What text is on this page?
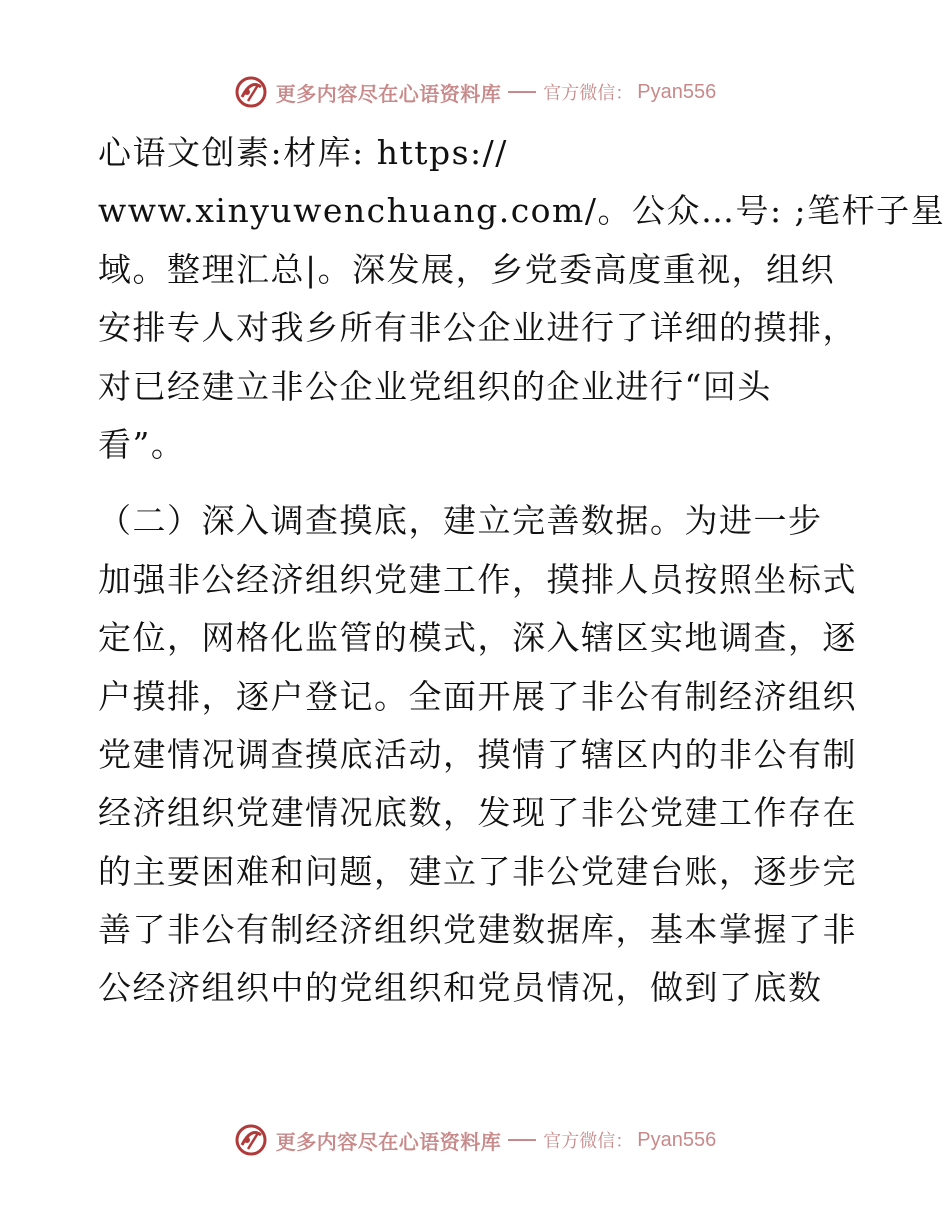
更多内容尽在心语资料库 官方微信： Pyan556
心语文创素:材库: https://
www.xinyuwenchuang.com/。公众…号: ;笔杆子星
域。整理汇总|。深发展，乡党委高度重视，组织
安排专人对我乡所有非公企业进行了详细的摸排，
对已经建立非公企业党组织的企业进行“回头
看”。
（二）深入调查摸底，建立完善数据。为进一步
加强非公经济组织党建工作，摸排人员按照坐标式
定位，网格化监管的模式，深入辖区实地调查，逐
户摸排，逐户登记。全面开展了非公有制经济组织
党建情况调查摸底活动，摸情了辖区内的非公有制
经济组织党建情况底数，发现了非公党建工作存在
的主要困难和问题，建立了非公党建台账，逐步完
善了非公有制经济组织党建数据库，基本掌握了非
公经济组织中的党组织和党员情况，做到了底数
更多内容尽在心语资料库 官方微信： Pyan556
